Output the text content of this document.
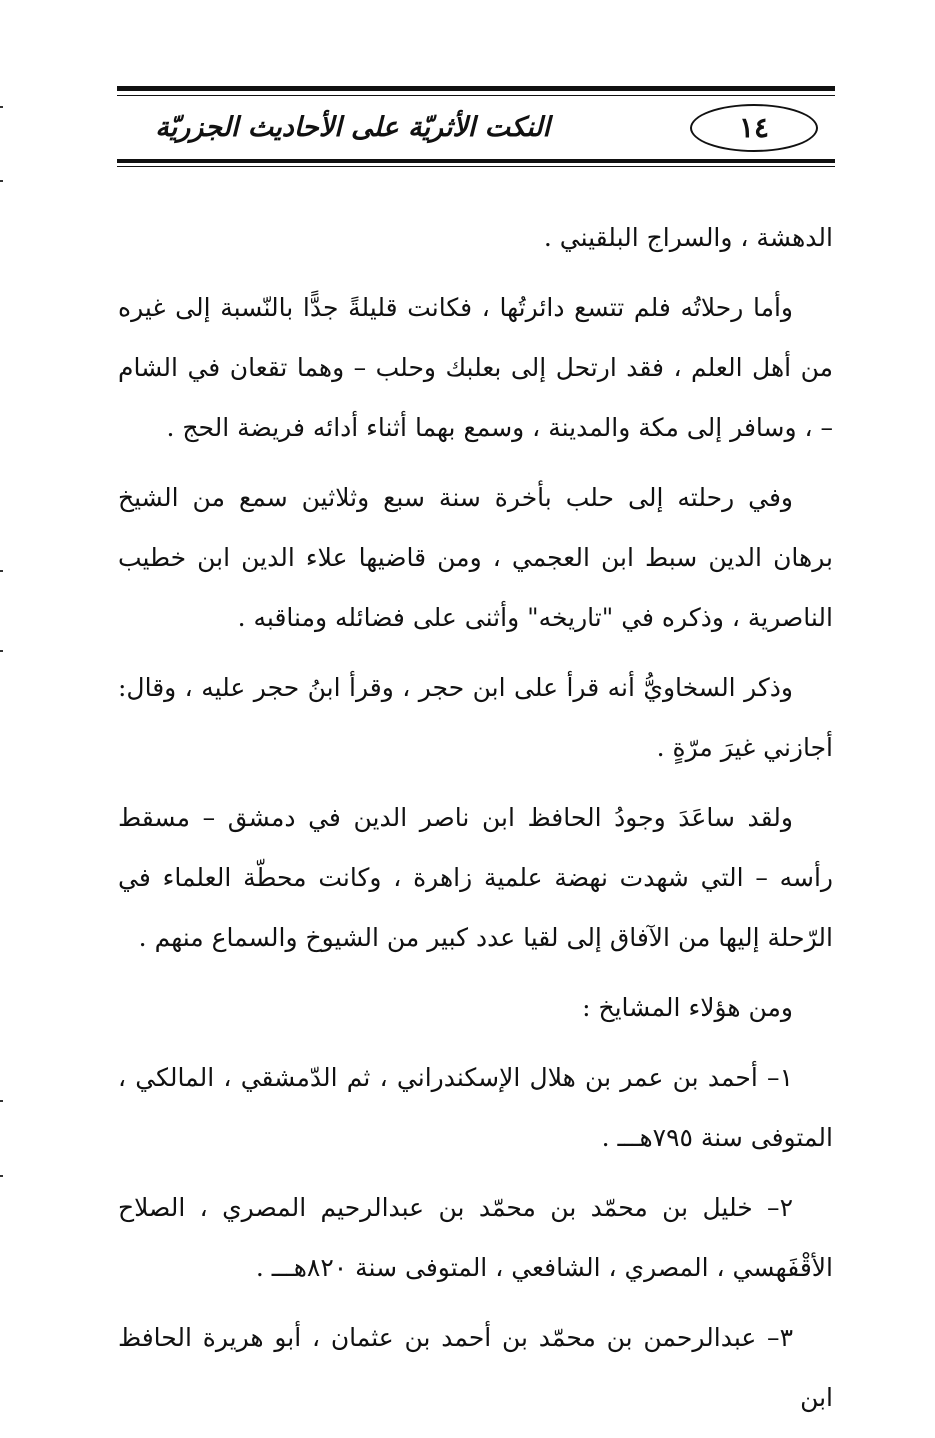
١٤
النكت الأثريّة على الأحاديث الجزريّة

الدهشة ، والسراج البلقيني .

وأما رحلاتُه فلم تتسع دائرتُها ، فكانت قليلةً جدًّا بالنّسبة إلى غيره من أهل العلم ، فقد ارتحل إلى بعلبك وحلب – وهما تقعان في الشام – ، وسافر إلى مكة والمدينة ، وسمع بهما أثناء أدائه فريضة الحج .

وفي رحلته إلى حلب بأخرة سنة سبع وثلاثين سمع من الشيخ برهان الدين سبط ابن العجمي ، ومن قاضيها علاء الدين ابن خطيب الناصرية ، وذكره في "تاريخه" وأثنى على فضائله ومناقبه .

وذكر السخاويُّ أنه قرأ على ابن حجر ، وقرأ ابنُ حجر عليه ، وقال: أجازني غيرَ مرّةٍ .

ولقد ساعَدَ وجودُ الحافظ ابن ناصر الدين في دمشق – مسقط رأسه – التي شهدت نهضة علمية زاهرة ، وكانت محطّة العلماء في الرّحلة إليها من الآفاق إلى لقيا عدد كبير من الشيوخ والسماع منهم .

ومن هؤلاء المشايخ :

١– أحمد بن عمر بن هلال الإسكندراني ، ثم الدّمشقي ، المالكي ، المتوفى سنة ٧٩٥هـــ .

٢– خليل بن محمّد بن محمّد بن عبدالرحيم المصري ، الصلاح الأقْفَهسي ، المصري ، الشافعي ، المتوفى سنة ٨٢٠هـــ .

٣– عبدالرحمن بن محمّد بن أحمد بن عثمان ، أبو هريرة الحافظ ابن
